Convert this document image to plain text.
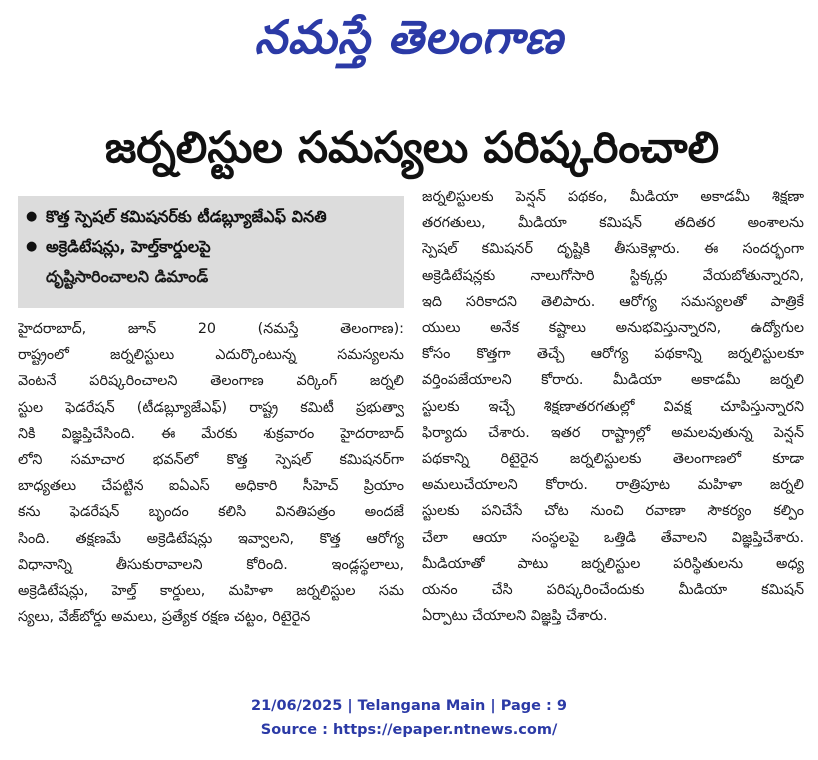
నమస్తే తెలంగాణ
జర్నలిస్టుల సమస్యలు పరిష్కరించాలి
● కొత్త స్పెషల్ కమిషనర్‌కు టీడబ్ల్యూజేఎఫ్ వినతి
● అక్రెడిటేషన్లు, హెల్త్‌కార్డులపై
దృష్టిసారించాలని డిమాండ్
హైదరాబాద్, జూన్ 20 (నమస్తే తెలంగాణ):
రాష్ట్రంలో జర్నలిస్టులు ఎదుర్కొంటున్న సమస్యలను
వెంటనే పరిష్కరించాలని తెలంగాణ వర్కింగ్ జర్నలి
స్టుల ఫెడరేషన్ (టీడబ్ల్యూజేఎఫ్) రాష్ట్ర కమిటీ ప్రభుత్వా
నికి విజ్ఞప్తిచేసింది. ఈ మేరకు శుక్రవారం హైదరాబాద్
లోని సమాచార భవన్‌లో కొత్త స్పెషల్ కమిషనర్‌గా
బాధ్యతలు చేపట్టిన ఐఏఎస్ అధికారి సీహెచ్ ప్రియాం
కను ఫెడరేషన్ బృందం కలిసి వినతిపత్రం అందజే
సింది. తక్షణమే అక్రెడిటేషన్లు ఇవ్వాలని, కొత్త ఆరోగ్య
విధానాన్ని తీసుకురావాలని కోరింది. ఇండ్లస్థలాలు,
అక్రెడిటేషన్లు, హెల్త్ కార్డులు, మహిళా జర్నలిస్టుల సమ
స్యలు, వేజ్‌బోర్డు అమలు, ప్రత్యేక రక్షణ చట్టం, రిటైరైన
జర్నలిస్టులకు పెన్షన్ పథకం, మీడియా అకాడమీ శిక్షణా
తరగతులు, మీడియా కమిషన్ తదితర అంశాలను
స్పెషల్ కమిషనర్ దృష్టికి తీసుకెళ్లారు. ఈ సందర్భంగా
అక్రెడిటేషన్లకు నాలుగోసారి స్టిక్కర్లు వేయబోతున్నారని,
ఇది సరికాదని తెలిపారు. ఆరోగ్య సమస్యలతో పాత్రికే
యులు అనేక కష్టాలు అనుభవిస్తున్నారని, ఉద్యోగుల
కోసం కొత్తగా తెచ్చే ఆరోగ్య పథకాన్ని జర్నలిస్టులకూ
వర్తింపజేయాలని కోరారు. మీడియా అకాడమీ జర్నలి
స్టులకు ఇచ్చే శిక్షణాతరగతుల్లో వివక్ష చూపిస్తున్నారని
ఫిర్యాదు చేశారు. ఇతర రాష్ట్రాల్లో అమలవుతున్న పెన్షన్
పథకాన్ని రిటైరైన జర్నలిస్టులకు తెలంగాణలో కూడా
అమలుచేయాలని కోరారు. రాత్రిపూట మహిళా జర్నలి
స్టులకు పనిచేసే చోట నుంచి రవాణా సౌకర్యం కల్పిం
చేలా ఆయా సంస్థలపై ఒత్తిడి తేవాలని విజ్ఞప్తిచేశారు.
మీడియాతో పాటు జర్నలిస్టుల పరిస్థితులను అధ్య
యనం చేసి పరిష్కరించేందుకు మీడియా కమిషన్
ఏర్పాటు చేయాలని విజ్ఞప్తి చేశారు.
21/06/2025 | Telangana Main | Page : 9
Source : https://epaper.ntnews.com/
